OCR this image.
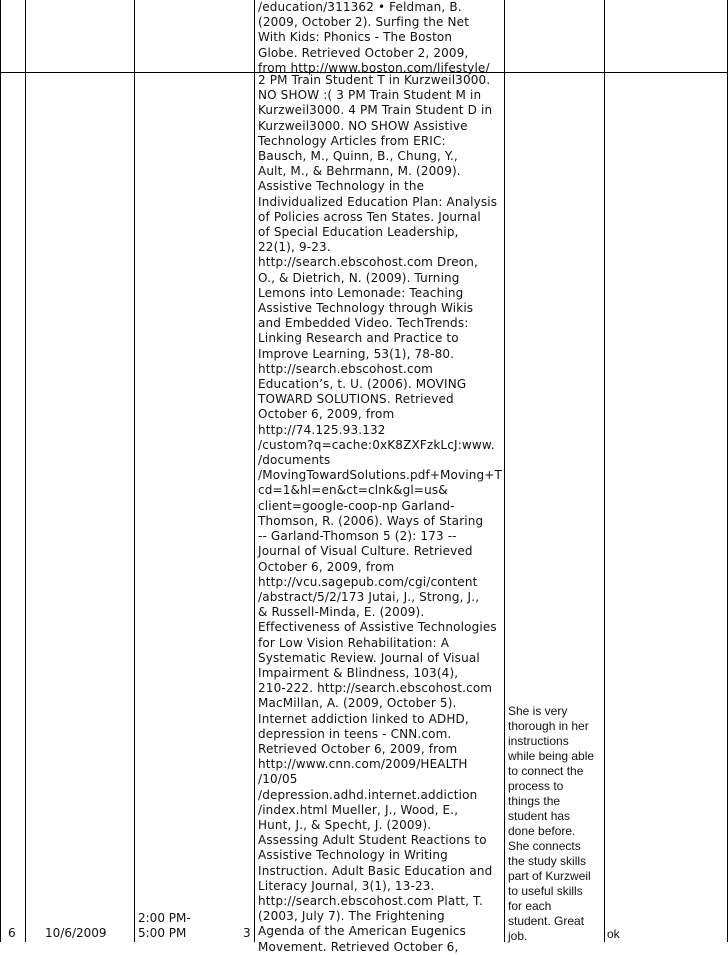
/education/311362 • Feldman, B.
(2009, October 2). Surfing the Net
With Kids: Phonics - The Boston
Globe. Retrieved October 2, 2009,
from http://www.boston.com/lifestyle/
2 PM Train Student T in Kurzweil3000.
NO SHOW :( 3 PM Train Student M in
Kurzweil3000. 4 PM Train Student D in
Kurzweil3000. NO SHOW Assistive
Technology Articles from ERIC:
Bausch, M., Quinn, B., Chung, Y.,
Ault, M., & Behrmann, M. (2009).
Assistive Technology in the
Individualized Education Plan: Analysis
of Policies across Ten States. Journal
of Special Education Leadership,
22(1), 9-23.
http://search.ebscohost.com Dreon,
O., & Dietrich, N. (2009). Turning
Lemons into Lemonade: Teaching
Assistive Technology through Wikis
and Embedded Video. TechTrends:
Linking Research and Practice to
Improve Learning, 53(1), 78-80.
http://search.ebscohost.com
Education’s, t. U. (2006). MOVING
TOWARD SOLUTIONS. Retrieved
October 6, 2009, from
http://74.125.93.132
/custom?q=cache:0xK8ZXFzkLcJ:www.
/documents
/MovingTowardSolutions.pdf+Moving+T
cd=1&hl=en&ct=clnk&gl=us&
client=google-coop-np Garland-
Thomson, R. (2006). Ways of Staring
-- Garland-Thomson 5 (2): 173 --
Journal of Visual Culture. Retrieved
October 6, 2009, from
http://vcu.sagepub.com/cgi/content
/abstract/5/2/173 Jutai, J., Strong, J.,
& Russell-Minda, E. (2009).
Effectiveness of Assistive Technologies
for Low Vision Rehabilitation: A
Systematic Review. Journal of Visual
Impairment & Blindness, 103(4),
210-222. http://search.ebscohost.com
MacMillan, A. (2009, October 5).
Internet addiction linked to ADHD,
depression in teens - CNN.com.
Retrieved October 6, 2009, from
http://www.cnn.com/2009/HEALTH
/10/05
/depression.adhd.internet.addiction
/index.html Mueller, J., Wood, E.,
Hunt, J., & Specht, J. (2009).
Assessing Adult Student Reactions to
Assistive Technology in Writing
Instruction. Adult Basic Education and
Literacy Journal, 3(1), 13-23.
http://search.ebscohost.com Platt, T.
(2003, July 7). The Frightening
Agenda of the American Eugenics
Movement. Retrieved October 6,
She is very
thorough in her
instructions
while being able
to connect the
process to
things the
student has
done before.
She connects
the study skills
part of Kurzweil
to useful skills
for each
student. Great
job.
6 10/6/2009
2:00 PM-
5:00 PM	3	ok
